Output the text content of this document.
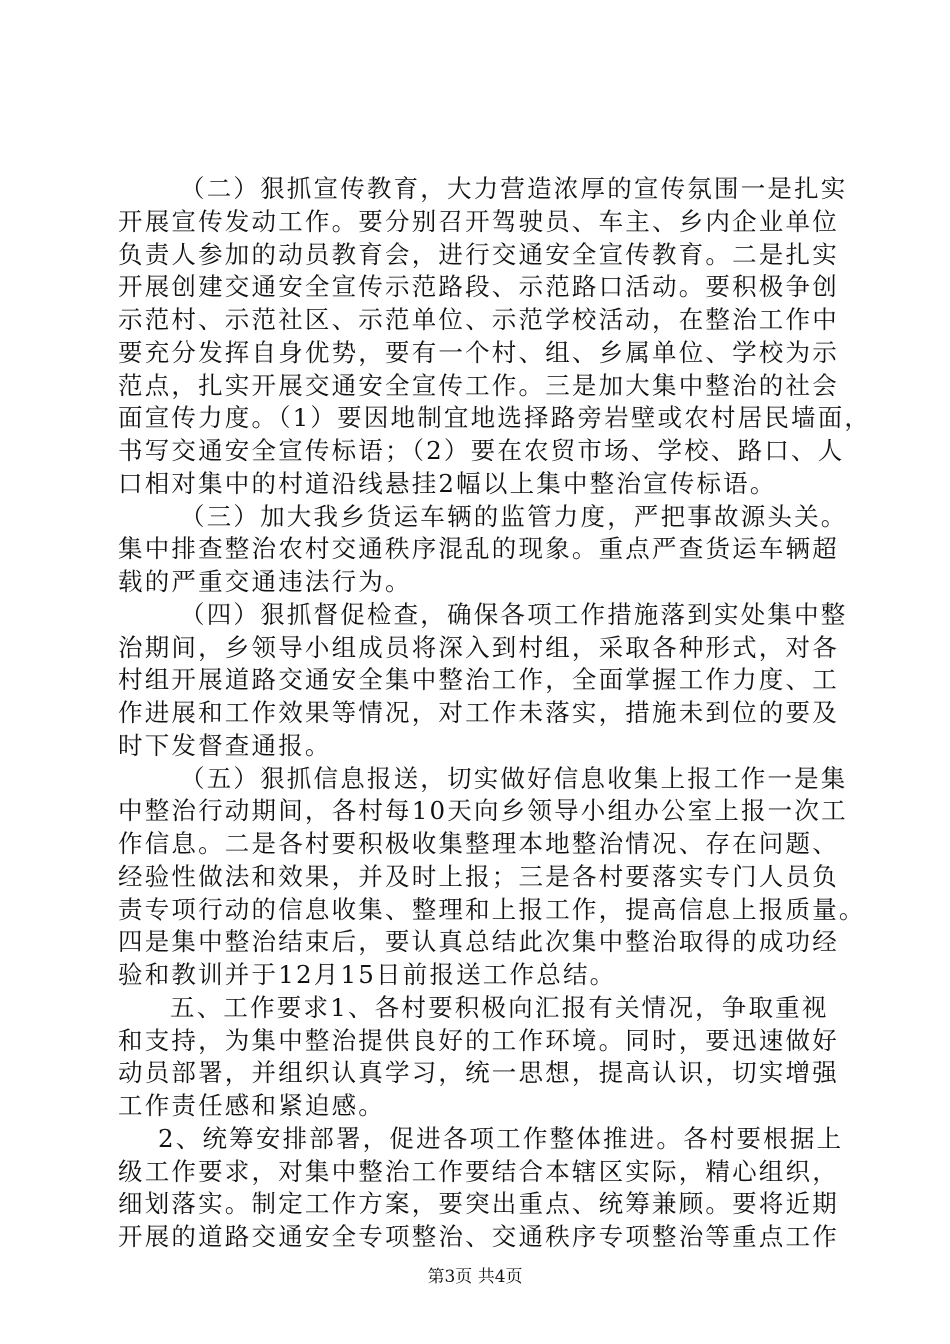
（二）狠抓宣传教育，大力营造浓厚的宣传氛围一是扎实
开展宣传发动工作。要分别召开驾驶员、车主、乡内企业单位
负责人参加的动员教育会，进行交通安全宣传教育。二是扎实
开展创建交通安全宣传示范路段、示范路口活动。要积极争创
示范村、示范社区、示范单位、示范学校活动，在整治工作中
要充分发挥自身优势，要有一个村、组、乡属单位、学校为示
范点，扎实开展交通安全宣传工作。三是加大集中整治的社会
面宣传力度。（1）要因地制宜地选择路旁岩壁或农村居民墙面，
书写交通安全宣传标语；（2）要在农贸市场、学校、路口、人
口相对集中的村道沿线悬挂2幅以上集中整治宣传标语。
（三）加大我乡货运车辆的监管力度，严把事故源头关。
集中排查整治农村交通秩序混乱的现象。重点严查货运车辆超
载的严重交通违法行为。
（四）狠抓督促检查，确保各项工作措施落到实处集中整
治期间，乡领导小组成员将深入到村组，采取各种形式，对各
村组开展道路交通安全集中整治工作，全面掌握工作力度、工
作进展和工作效果等情况，对工作未落实，措施未到位的要及
时下发督查通报。
（五）狠抓信息报送，切实做好信息收集上报工作一是集
中整治行动期间，各村每10天向乡领导小组办公室上报一次工
作信息。二是各村要积极收集整理本地整治情况、存在问题、
经验性做法和效果，并及时上报；三是各村要落实专门人员负
责专项行动的信息收集、整理和上报工作，提高信息上报质量。
四是集中整治结束后，要认真总结此次集中整治取得的成功经
验和教训并于12月15日前报送工作总结。
五、工作要求1、各村要积极向汇报有关情况，争取重视
和支持，为集中整治提供良好的工作环境。同时，要迅速做好
动员部署，并组织认真学习，统一思想，提高认识，切实增强
工作责任感和紧迫感。
2、统筹安排部署，促进各项工作整体推进。各村要根据上
级工作要求，对集中整治工作要结合本辖区实际，精心组织，
细划落实。制定工作方案，要突出重点、统筹兼顾。要将近期
开展的道路交通安全专项整治、交通秩序专项整治等重点工作
第3页 共4页
